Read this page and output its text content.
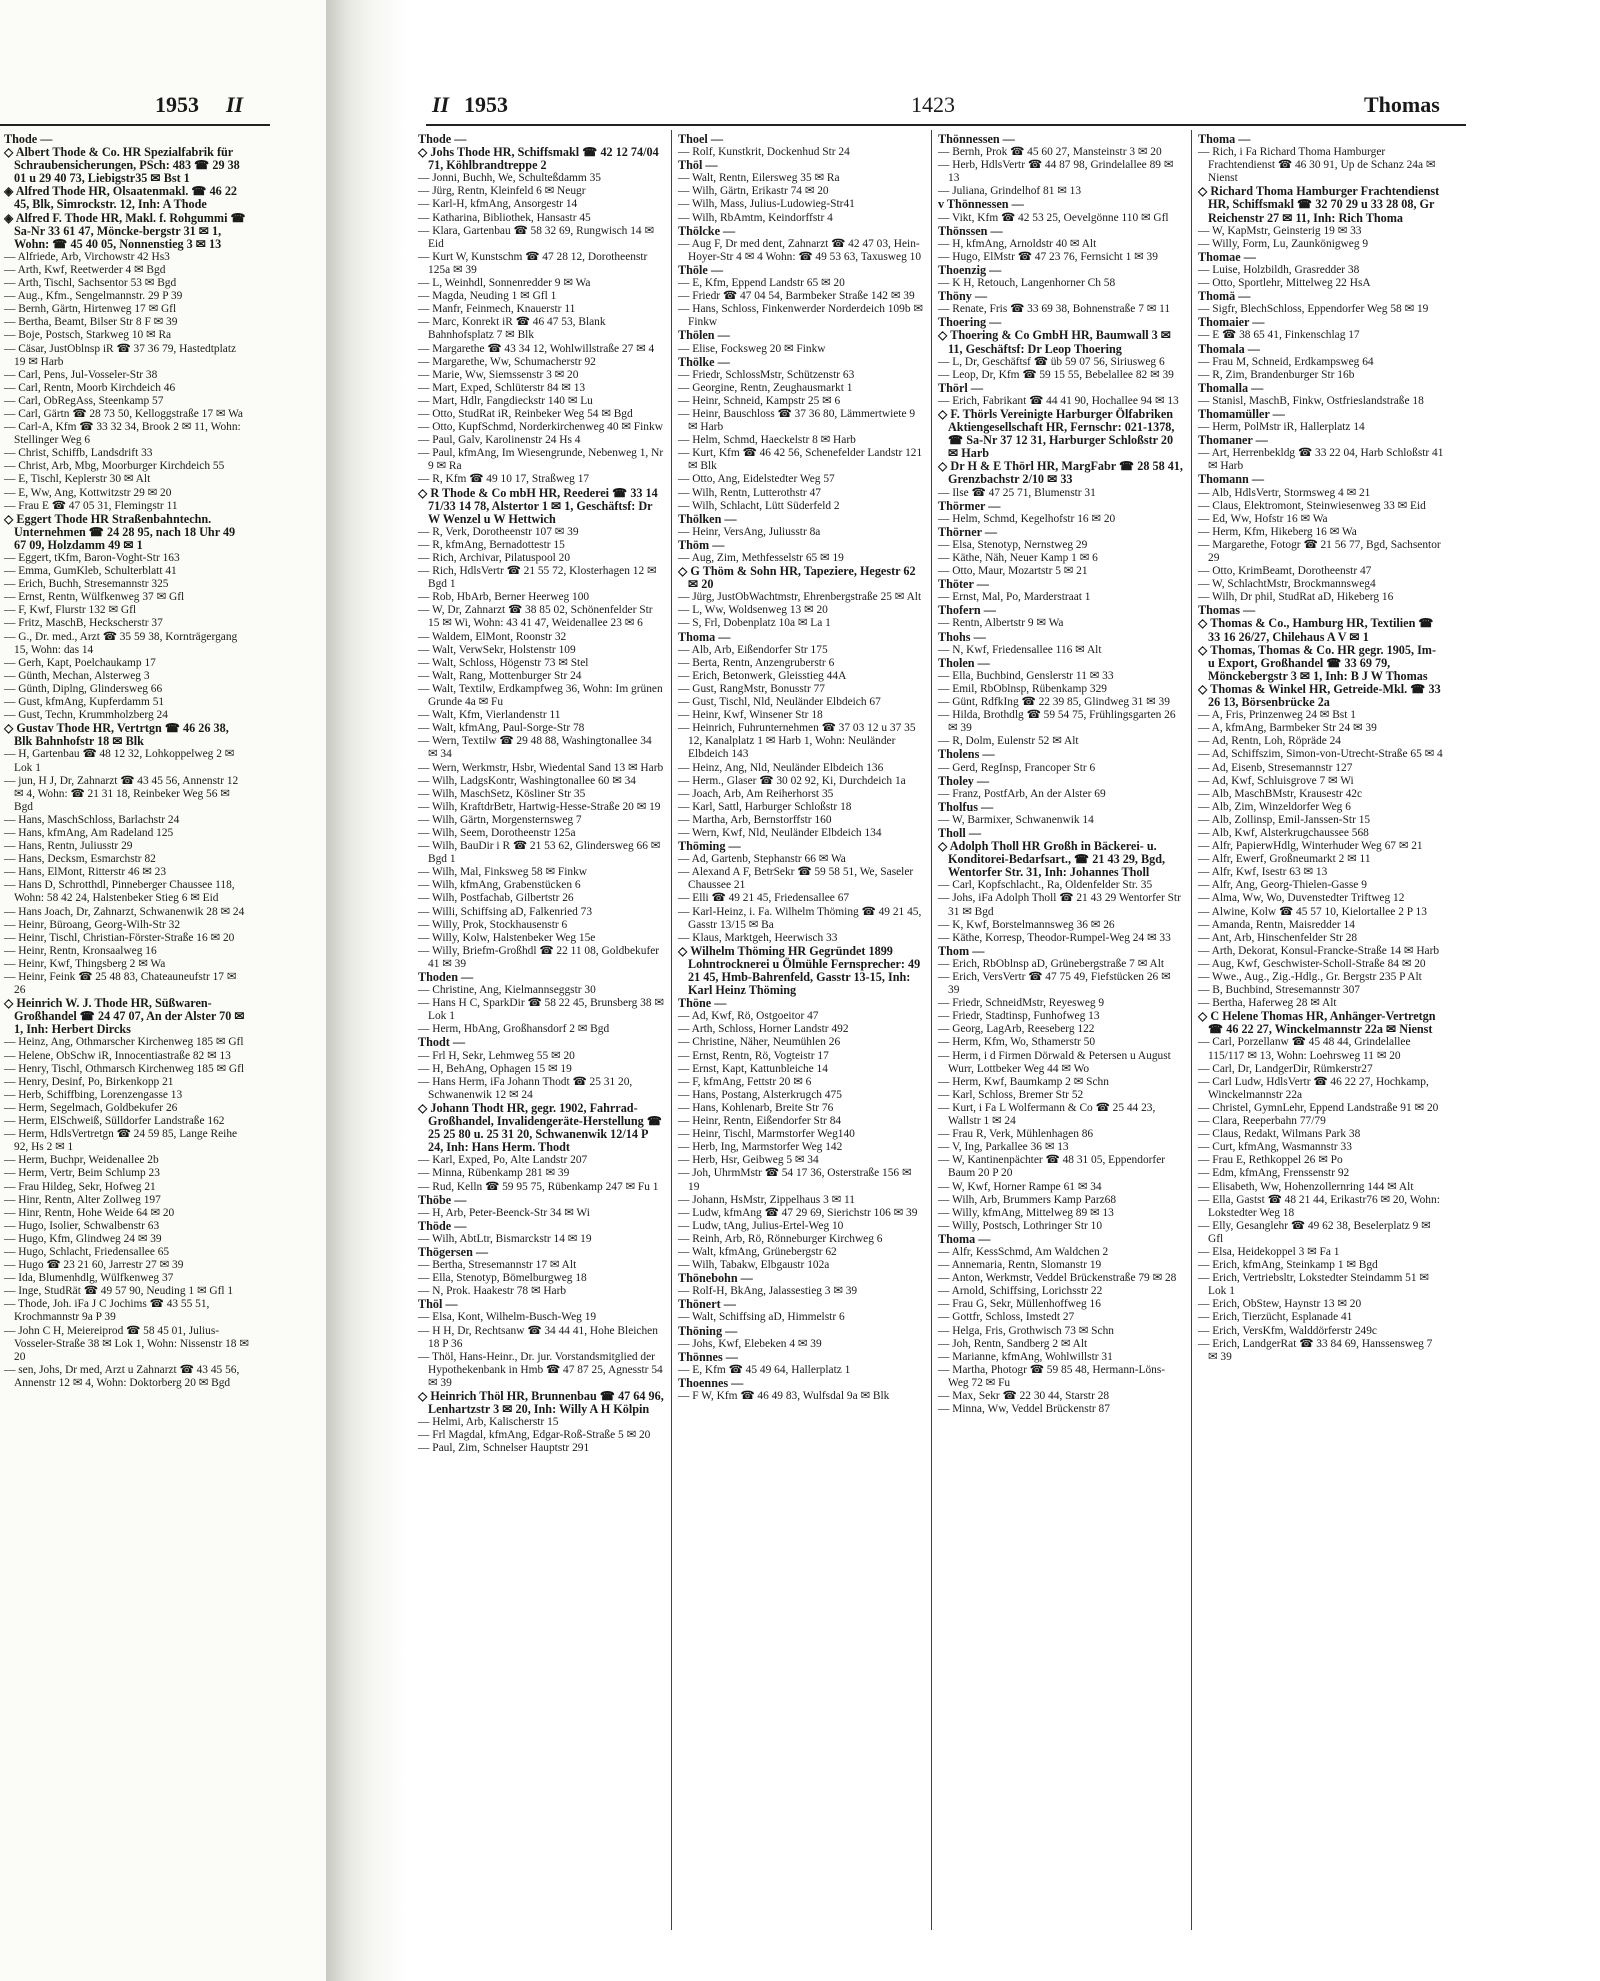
1953 II

Thode —

◇ Albert Thode & Co. HR Spezialfabrik für Schraubensicherungen, PSch: 483 ☎ 29 38 01 u 29 40 73, Liebigstr35 ✉ Bst 1

◈ Alfred Thode HR, Olsaatenmakl. ☎ 46 22 45, Blk, Simrockstr. 12, Inh: A Thode

◈ Alfred F. Thode HR, Makl. f. Rohgummi ☎ Sa-Nr 33 61 47, Möncke-bergstr 31 ✉ 1, Wohn: ☎ 45 40 05, Nonnenstieg 3 ✉ 13

— Alfriede, Arb, Virchowstr 42 Hs3

— Arth, Kwf, Reetwerder 4 ✉ Bgd

— Arth, Tischl, Sachsentor 53 ✉ Bgd

— Aug., Kfm., Sengelmannstr. 29 P 39

— Bernh, Gärtn, Hirtenweg 17 ✉ Gfl

— Bertha, Beamt, Bilser Str 8 F ✉ 39

— Boje, Postsch, Starkweg 10 ✉ Ra

— Cäsar, JustOblnsp iR ☎ 37 36 79, Hastedtplatz 19 ✉ Harb

— Carl, Pens, Jul-Vosseler-Str 38

— Carl, Rentn, Moorb Kirchdeich 46

— Carl, ObRegAss, Steenkamp 57

— Carl, Gärtn ☎ 28 73 50, Kelloggstraße 17 ✉ Wa

— Carl-A, Kfm ☎ 33 32 34, Brook 2 ✉ 11, Wohn: Stellinger Weg 6

— Christ, Schiffb, Landsdrift 33

— Christ, Arb, Mbg, Moorburger Kirchdeich 55

— E, Tischl, Keplerstr 30 ✉ Alt

— E, Ww, Ang, Kottwitzstr 29 ✉ 20

— Frau E ☎ 47 05 31, Flemingstr 11

◇ Eggert Thode HR Straßenbahntechn. Unternehmen ☎ 24 28 95, nach 18 Uhr 49 67 09, Holzdamm 49 ✉ 1

— Eggert, tKfm, Baron-Voght-Str 163

— Emma, GumKleb, Schulterblatt 41

— Erich, Buchh, Stresemannstr 325

— Ernst, Rentn, Wülfkenweg 37 ✉ Gfl

— F, Kwf, Flurstr 132 ✉ Gfl

— Fritz, MaschB, Heckscherstr 37

— G., Dr. med., Arzt ☎ 35 59 38, Kornträgergang 15, Wohn: das 14

— Gerh, Kapt, Poelchaukamp 17

— Günth, Mechan, Alsterweg 3

— Günth, Diplng, Glindersweg 66

— Gust, kfmAng, Kupferdamm 51

— Gust, Techn, Krummholzberg 24

◇ Gustav Thode HR, Vertrtgn ☎ 46 26 38, Blk Bahnhofstr 18 ✉ Blk

— H, Gartenbau ☎ 48 12 32, Lohkoppelweg 2 ✉ Lok 1

— jun, H J, Dr, Zahnarzt ☎ 43 45 56, Annenstr 12 ✉ 4, Wohn: ☎ 21 31 18, Reinbeker Weg 56 ✉ Bgd

— Hans, MaschSchloss, Barlachstr 24

— Hans, kfmAng, Am Radeland 125

— Hans, Rentn, Juliusstr 29

— Hans, Decksm, Esmarchstr 82

— Hans, ElMont, Ritterstr 46 ✉ 23

— Hans D, Schrotthdl, Pinneberger Chaussee 118, Wohn: 58 42 24, Halstenbeker Stieg 6 ✉ Eid

— Hans Joach, Dr, Zahnarzt, Schwanenwik 28 ✉ 24

— Heinr, Büroang, Georg-Wilh-Str 32

— Heinr, Tischl, Christian-Förster-Straße 16 ✉ 20

— Heinr, Rentn, Kronsaalweg 16

— Heinr, Kwf, Thingsberg 2 ✉ Wa

— Heinr, Feink ☎ 25 48 83, Chateauneufstr 17 ✉ 26

◇ Heinrich W. J. Thode HR, Süßwaren-Großhandel ☎ 24 47 07, An der Alster 70 ✉ 1, Inh: Herbert Dircks

— Heinz, Ang, Othmarscher Kirchenweg 185 ✉ Gfl

— Helene, ObSchw iR, Innocentiastraße 82 ✉ 13

— Henry, Tischl, Othmarsch Kirchenweg 185 ✉ Gfl

— Henry, Desinf, Po, Birkenkopp 21

— Herb, Schiffbing, Lorenzengasse 13

— Herm, Segelmach, Goldbekufer 26

— Herm, ElSchweiß, Sülldorfer Landstraße 162

— Herm, HdlsVertretgn ☎ 24 59 85, Lange Reihe 92, Hs 2 ✉ 1

— Herm, Buchpr, Weidenallee 2b

— Herm, Vertr, Beim Schlump 23

— Frau Hildeg, Sekr, Hofweg 21

— Hinr, Rentn, Alter Zollweg 197

— Hinr, Rentn, Hohe Weide 64 ✉ 20

— Hugo, Isolier, Schwalbenstr 63

— Hugo, Kfm, Glindweg 24 ✉ 39

— Hugo, Schlacht, Friedensallee 65

— Hugo ☎ 23 21 60, Jarrestr 27 ✉ 39

— Ida, Blumenhdlg, Wülfkenweg 37

— Inge, StudRät ☎ 49 57 90, Neuding 1 ✉ Gfl 1

— Thode, Joh. iFa J C Jochims ☎ 43 55 51, Krochmannstr 9a P 39

— John C H, Meiereiprod ☎ 58 45 01, Julius-Vosseler-Straße 38 ✉ Lok 1, Wohn: Nissenstr 18 ✉ 20

— sen, Johs, Dr med, Arzt u Zahnarzt ☎ 43 45 56, Annenstr 12 ✉ 4, Wohn: Doktorberg 20 ✉ Bgd

II 1953	1423	Thomas

Thode —

◇ Johs Thode HR, Schiffsmakl ☎ 42 12 74/04 71, Köhlbrandtreppe 2

— Jonni, Buchh, We, Schulteßdamm 35

— Jürg, Rentn, Kleinfeld 6 ✉ Neugr

— Karl-H, kfmAng, Ansorgestr 14

— Katharina, Bibliothek, Hansastr 45

— Klara, Gartenbau ☎ 58 32 69, Rungwisch 14 ✉ Eid

— Kurt W, Kunstschm ☎ 47 28 12, Dorotheenstr 125a ✉ 39

— L, Weinhdl, Sonnenredder 9 ✉ Wa

— Magda, Neuding 1 ✉ Gfl 1

— Manfr, Feinmech, Knauerstr 11

— Marc, Konrekt iR ☎ 46 47 53, Blank Bahnhofsplatz 7 ✉ Blk

— Margarethe ☎ 43 34 12, Wohlwillstraße 27 ✉ 4

— Margarethe, Ww, Schumacherstr 92

— Marie, Ww, Siemssenstr 3 ✉ 20

— Mart, Exped, Schlüterstr 84 ✉ 13

— Mart, Hdlr, Fangdieckstr 140 ✉ Lu

— Otto, StudRat iR, Reinbeker Weg 54 ✉ Bgd

— Otto, KupfSchmd, Norderkirchenweg 40 ✉ Finkw

— Paul, Galv, Karolinenstr 24 Hs 4

— Paul, kfmAng, Im Wiesengrunde, Nebenweg 1, Nr 9 ✉ Ra

— R, Kfm ☎ 49 10 17, Straßweg 17

◇ R Thode & Co mbH HR, Reederei ☎ 33 14 71/33 14 78, Alstertor 1 ✉ 1, Geschäftsf: Dr W Wenzel u W Hettwich

— R, Verk, Dorotheenstr 107 ✉ 39

— R, kfmAng, Bernadottestr 15

— Rich, Archivar, Pilatuspool 20

— Rich, HdlsVertr ☎ 21 55 72, Klosterhagen 12 ✉ Bgd 1

— Rob, HbArb, Berner Heerweg 100

— W, Dr, Zahnarzt ☎ 38 85 02, Schönenfelder Str 15 ✉ Wi, Wohn: 43 41 47, Weidenallee 23 ✉ 6

— Waldem, ElMont, Roonstr 32

— Walt, VerwSekr, Holstenstr 109

— Walt, Schloss, Högenstr 73 ✉ Stel

— Walt, Rang, Mottenburger Str 24

— Walt, Textilw, Erdkampfweg 36, Wohn: Im grünen Grunde 4a ✉ Fu

— Walt, Kfm, Vierlandenstr 11

— Walt, kfmAng, Paul-Sorge-Str 78

— Wern, Textilw ☎ 29 48 88, Washingtonallee 34 ✉ 34

— Wern, Werkmstr, Hsbr, Wiedental Sand 13 ✉ Harb

— Wilh, LadgsKontr, Washingtonallee 60 ✉ 34

— Wilh, MaschSetz, Kösliner Str 35

— Wilh, KraftdrBetr, Hartwig-Hesse-Straße 20 ✉ 19

— Wilh, Gärtn, Morgensternsweg 7

— Wilh, Seem, Dorotheenstr 125a

— Wilh, BauDir i R ☎ 21 53 62, Glindersweg 66 ✉ Bgd 1

— Wilh, Mal, Finksweg 58 ✉ Finkw

— Wilh, kfmAng, Grabenstücken 6

— Wilh, Postfachab, Gilbertstr 26

— Willi, Schiffsing aD, Falkenried 73

— Willy, Prok, Stockhausenstr 6

— Willy, Kolw, Halstenbeker Weg 15e

— Willy, Briefm-Großhdl ☎ 22 11 08, Goldbekufer 41 ✉ 39

Thoden —

— Christine, Ang, Kielmannseggstr 30

— Hans H C, SparkDir ☎ 58 22 45, Brunsberg 38 ✉ Lok 1

— Herm, HbAng, Großhansdorf 2 ✉ Bgd

Thodt —

— Frl H, Sekr, Lehmweg 55 ✉ 20

— H, BehAng, Ophagen 15 ✉ 19

— Hans Herm, iFa Johann Thodt ☎ 25 31 20, Schwanenwik 12 ✉ 24

◇ Johann Thodt HR, gegr. 1902, Fahrrad-Großhandel, Invalidengeräte-Herstellung ☎ 25 25 80 u. 25 31 20, Schwanenwik 12/14 P 24, Inh: Hans Herm. Thodt

— Karl, Exped, Po, Alte Landstr 207

— Minna, Rübenkamp 281 ✉ 39

— Rud, Kelln ☎ 59 95 75, Rübenkamp 247 ✉ Fu 1

Thöbe —

— H, Arb, Peter-Beenck-Str 34 ✉ Wi

Thöde —

— Wilh, AbtLtr, Bismarckstr 14 ✉ 19

Thögersen —

— Bertha, Stresemannstr 17 ✉ Alt

— Ella, Stenotyp, Bömelburgweg 18

— N, Prok. Haakestr 78 ✉ Harb

Thöl —

— Elsa, Kont, Wilhelm-Busch-Weg 19

— H H, Dr, Rechtsanw ☎ 34 44 41, Hohe Bleichen 18 P 36

— Thöl, Hans-Heinr., Dr. jur. Vorstandsmitglied der Hypothekenbank in Hmb ☎ 47 87 25, Agnesstr 54 ✉ 39

◇ Heinrich Thöl HR, Brunnenbau ☎ 47 64 96, Lenhartzstr 3 ✉ 20, Inh: Willy A H Kölpin

— Helmi, Arb, Kalischerstr 15

— Frl Magdal, kfmAng, Edgar-Roß-Straße 5 ✉ 20

— Paul, Zim, Schnelser Hauptstr 291

Thoel —

— Rolf, Kunstkrit, Dockenhud Str 24

Thöl —

— Walt, Rentn, Eilersweg 35 ✉ Ra

— Wilh, Gärtn, Erikastr 74 ✉ 20

— Wilh, Mass, Julius-Ludowieg-Str41

— Wilh, RbAmtm, Keindorffstr 4

Thölcke —

— Aug F, Dr med dent, Zahnarzt ☎ 42 47 03, Hein-Hoyer-Str 4 ✉ 4 Wohn: ☎ 49 53 63, Taxusweg 10

Thöle —

— E, Kfm, Eppend Landstr 65 ✉ 20

— Friedr ☎ 47 04 54, Barmbeker Straße 142 ✉ 39

— Hans, Schloss, Finkenwerder Norderdeich 109b ✉ Finkw

Thölen —

— Elise, Focksweg 20 ✉ Finkw

Thölke —

— Friedr, SchlossMstr, Schützenstr 63

— Georgine, Rentn, Zeughausmarkt 1

— Heinr, Schneid, Kampstr 25 ✉ 6

— Heinr, Bauschloss ☎ 37 36 80, Lämmertwiete 9 ✉ Harb

— Helm, Schmd, Haeckelstr 8 ✉ Harb

— Kurt, Kfm ☎ 46 42 56, Schenefelder Landstr 121 ✉ Blk

— Otto, Ang, Eidelstedter Weg 57

— Wilh, Rentn, Lutterothstr 47

— Wilh, Schlacht, Lütt Süderfeld 2

Thölken —

— Heinr, VersAng, Juliusstr 8a

Thöm —

— Aug, Zim, Methfesselstr 65 ✉ 19

◇ G Thöm & Sohn HR, Tapeziere, Hegestr 62 ✉ 20

— Jürg, JustObWachtmstr, Ehrenbergstraße 25 ✉ Alt

— L, Ww, Woldsenweg 13 ✉ 20

— S, Frl, Dobenplatz 10a ✉ La 1

Thoma —

— Alb, Arb, Eißendorfer Str 175

— Berta, Rentn, Anzengruberstr 6

— Erich, Betonwerk, Gleisstieg 44A

— Gust, RangMstr, Bonusstr 77

— Gust, Tischl, Nld, Neuländer Elbdeich 67

— Heinr, Kwf, Winsener Str 18

— Heinrich, Fuhrunternehmen ☎ 37 03 12 u 37 35 12, Kanalplatz 1 ✉ Harb 1, Wohn: Neuländer Elbdeich 143

— Heinz, Ang, Nld, Neuländer Elbdeich 136

— Herm., Glaser ☎ 30 02 92, Ki, Durchdeich 1a

— Joach, Arb, Am Reiherhorst 35

— Karl, Sattl, Harburger Schloßstr 18

— Martha, Arb, Bernstorffstr 160

— Wern, Kwf, Nld, Neuländer Elbdeich 134

Thöming —

— Ad, Gartenb, Stephanstr 66 ✉ Wa

— Alexand A F, BetrSekr ☎ 59 58 51, We, Saseler Chaussee 21

— Elli ☎ 49 21 45, Friedensallee 67

— Karl-Heinz, i. Fa. Wilhelm Thöming ☎ 49 21 45, Gasstr 13/15 ✉ Ba

— Klaus, Marktgeh, Heerwisch 33

◇ Wilhelm Thöming HR Gegründet 1899 Lohntrocknerei u Ölmühle Fernsprecher: 49 21 45, Hmb-Bahrenfeld, Gasstr 13-15, Inh: Karl Heinz Thöming

Thöne —

— Ad, Kwf, Rö, Ostgoeitor 47

— Arth, Schloss, Horner Landstr 492

— Christine, Näher, Neumühlen 26

— Ernst, Rentn, Rö, Vogteistr 17

— Ernst, Kapt, Kattunbleiche 14

— F, kfmAng, Fettstr 20 ✉ 6

— Hans, Postang, Alsterkrugch 475

— Hans, Kohlenarb, Breite Str 76

— Heinr, Rentn, Eißendorfer Str 84

— Heinr, Tischl, Marmstorfer Weg140

— Herb, Ing, Marmstorfer Weg 142

— Herb, Hsr, Geibweg 5 ✉ 34

— Joh, UhrmMstr ☎ 54 17 36, Osterstraße 156 ✉ 19

— Johann, HsMstr, Zippelhaus 3 ✉ 11

— Ludw, kfmAng ☎ 47 29 69, Sierichstr 106 ✉ 39

— Ludw, tAng, Julius-Ertel-Weg 10

— Reinh, Arb, Rö, Rönneburger Kirchweg 6

— Walt, kfmAng, Grünebergstr 62

— Wilh, Tabakw, Elbgaustr 102a

Thönebohn —

— Rolf-H, BkAng, Jalassestieg 3 ✉ 39

Thönert —

— Walt, Schiffsing aD, Himmelstr 6

Thöning —

— Johs, Kwf, Elebeken 4 ✉ 39

Thönnes —

— E, Kfm ☎ 45 49 64, Hallerplatz 1

Thoennes —

— F W, Kfm ☎ 46 49 83, Wulfsdal 9a ✉ Blk

Thönnessen —

— Bernh, Prok ☎ 45 60 27, Mansteinstr 3 ✉ 20

— Herb, HdlsVertr ☎ 44 87 98, Grindelallee 89 ✉ 13

— Juliana, Grindelhof 81 ✉ 13

v Thönnessen —

— Vikt, Kfm ☎ 42 53 25, Oevelgönne 110 ✉ Gfl

Thönssen —

— H, kfmAng, Arnoldstr 40 ✉ Alt

— Hugo, ElMstr ☎ 47 23 76, Fernsicht 1 ✉ 39

Thoenzig —

— K H, Retouch, Langenhorner Ch 58

Thöny —

— Renate, Fris ☎ 33 69 38, Bohnenstraße 7 ✉ 11

Thoering —

◇ Thoering & Co GmbH HR, Baumwall 3 ✉ 11, Geschäftsf: Dr Leop Thoering

— L, Dr, Geschäftsf ☎ üb 59 07 56, Siriusweg 6

— Leop, Dr, Kfm ☎ 59 15 55, Bebelallee 82 ✉ 39

Thörl —

— Erich, Fabrikant ☎ 44 41 90, Hochallee 94 ✉ 13

◇ F. Thörls Vereinigte Harburger Ölfabriken Aktiengesellschaft HR, Fernschr: 021-1378, ☎ Sa-Nr 37 12 31, Harburger Schloßstr 20 ✉ Harb

◇ Dr H & E Thörl HR, MargFabr ☎ 28 58 41, Grenzbachstr 2/10 ✉ 33

— Ilse ☎ 47 25 71, Blumenstr 31

Thörmer —

— Helm, Schmd, Kegelhofstr 16 ✉ 20

Thörner —

— Elsa, Stenotyp, Nernstweg 29

— Käthe, Näh, Neuer Kamp 1 ✉ 6

— Otto, Maur, Mozartstr 5 ✉ 21

Thöter —

— Ernst, Mal, Po, Marderstraat 1

Thofern —

— Rentn, Albertstr 9 ✉ Wa

Thohs —

— N, Kwf, Friedensallee 116 ✉ Alt

Tholen —

— Ella, Buchbind, Genslerstr 11 ✉ 33

— Emil, RbOblnsp, Rübenkamp 329

— Günt, RdfkIng ☎ 22 39 85, Glindweg 31 ✉ 39

— Hilda, Brothdlg ☎ 59 54 75, Frühlingsgarten 26 ✉ 39

— R, Dolm, Eulenstr 52 ✉ Alt

Tholens —

— Gerd, RegInsp, Francoper Str 6

Tholey —

— Franz, PostfArb, An der Alster 69

Tholfus —

— W, Barmixer, Schwanenwik 14

Tholl —

◇ Adolph Tholl HR Großh in Bäckerei- u. Konditorei-Bedarfsart., ☎ 21 43 29, Bgd, Wentorfer Str. 31, Inh: Johannes Tholl

— Carl, Kopfschlacht., Ra, Oldenfelder Str. 35

— Johs, iFa Adolph Tholl ☎ 21 43 29 Wentorfer Str 31 ✉ Bgd

— K, Kwf, Borstelmannsweg 36 ✉ 26

— Käthe, Korresp, Theodor-Rumpel-Weg 24 ✉ 33

Thom —

— Erich, RbOblnsp aD, Grünebergstraße 7 ✉ Alt

— Erich, VersVertr ☎ 47 75 49, Fiefstücken 26 ✉ 39

— Friedr, SchneidMstr, Reyesweg 9

— Friedr, Stadtinsp, Funhofweg 13

— Georg, LagArb, Reeseberg 122

— Herm, Kfm, Wo, Sthamerstr 50

— Herm, i d Firmen Dörwald & Petersen u August Wurr, Lottbeker Weg 44 ✉ Wo

— Herm, Kwf, Baumkamp 2 ✉ Schn

— Karl, Schloss, Bremer Str 52

— Kurt, i Fa L Wolfermann & Co ☎ 25 44 23, Wallstr 1 ✉ 24

— Frau R, Verk, Mühlenhagen 86

— V, Ing, Parkallee 36 ✉ 13

— W, Kantinenpächter ☎ 48 31 05, Eppendorfer Baum 20 P 20

— W, Kwf, Horner Rampe 61 ✉ 34

— Wilh, Arb, Brummers Kamp Parz68

— Willy, kfmAng, Mittelweg 89 ✉ 13

— Willy, Postsch, Lothringer Str 10

Thoma —

— Alfr, KessSchmd, Am Waldchen 2

— Annemaria, Rentn, Slomanstr 19

— Anton, Werkmstr, Veddel Brückenstraße 79 ✉ 28

— Arnold, Schiffsing, Lorichsstr 22

— Frau G, Sekr, Müllenhoffweg 16

— Gottfr, Schloss, Imstedt 27

— Helga, Fris, Grothwisch 73 ✉ Schn

— Joh, Rentn, Sandberg 2 ✉ Alt

— Marianne, kfmAng, Wohlwillstr 31

— Martha, Photogr ☎ 59 85 48, Hermann-Löns-Weg 72 ✉ Fu

— Max, Sekr ☎ 22 30 44, Starstr 28

— Minna, Ww, Veddel Brückenstr 87

Thoma —

— Rich, i Fa Richard Thoma Hamburger Frachtendienst ☎ 46 30 91, Up de Schanz 24a ✉ Nienst

◇ Richard Thoma Hamburger Frachtendienst HR, Schiffsmakl ☎ 32 70 29 u 33 28 08, Gr Reichenstr 27 ✉ 11, Inh: Rich Thoma

— W, KapMstr, Geinsterig 19 ✉ 33

— Willy, Form, Lu, Zaunkönigweg 9

Thomae —

— Luise, Holzbildh, Grasredder 38

— Otto, Sportlehr, Mittelweg 22 HsA

Thomä —

— Sigfr, BlechSchloss, Eppendorfer Weg 58 ✉ 19

Thomaier —

— E ☎ 38 65 41, Finkenschlag 17

Thomala —

— Frau M, Schneid, Erdkampsweg 64

— R, Zim, Brandenburger Str 16b

Thomalla —

— Stanisl, MaschB, Finkw, Ostfrieslandstraße 18

Thomamüller —

— Herm, PolMstr iR, Hallerplatz 14

Thomaner —

— Art, Herrenbekldg ☎ 33 22 04, Harb Schloßstr 41 ✉ Harb

Thomann —

— Alb, HdlsVertr, Stormsweg 4 ✉ 21

— Claus, Elektromont, Steinwiesenweg 33 ✉ Eid

— Ed, Ww, Hofstr 16 ✉ Wa

— Herm, Kfm, Hikeberg 16 ✉ Wa

— Margarethe, Fotogr ☎ 21 56 77, Bgd, Sachsentor 29

— Otto, KrimBeamt, Dorotheenstr 47

— W, SchlachtMstr, Brockmannsweg4

— Wilh, Dr phil, StudRat aD, Hikeberg 16

Thomas —

◇ Thomas & Co., Hamburg HR, Textilien ☎ 33 16 26/27, Chilehaus A V ✉ 1

◇ Thomas, Thomas & Co. HR gegr. 1905, Im- u Export, Großhandel ☎ 33 69 79, Mönckebergstr 3 ✉ 1, Inh: B J W Thomas

◇ Thomas & Winkel HR, Getreide-Mkl. ☎ 33 26 13, Börsenbrücke 2a

— A, Fris, Prinzenweg 24 ✉ Bst 1

— A, kfmAng, Barmbeker Str 24 ✉ 39

— Ad, Rentn, Loh, Röpräde 24

— Ad, Schiffszim, Simon-von-Utrecht-Straße 65 ✉ 4

— Ad, Eisenb, Stresemannstr 127

— Ad, Kwf, Schluisgrove 7 ✉ Wi

— Alb, MaschBMstr, Krausestr 42c

— Alb, Zim, Winzeldorfer Weg 6

— Alb, Zollinsp, Emil-Janssen-Str 15

— Alb, Kwf, Alsterkrugchaussee 568

— Alfr, PapierwHdlg, Winterhuder Weg 67 ✉ 21

— Alfr, Ewerf, Großneumarkt 2 ✉ 11

— Alfr, Kwf, Isestr 63 ✉ 13

— Alfr, Ang, Georg-Thielen-Gasse 9

— Alma, Ww, Wo, Duvenstedter Triftweg 12

— Alwine, Kolw ☎ 45 57 10, Kielortallee 2 P 13

— Amanda, Rentn, Maisredder 14

— Ant, Arb, Hinschenfelder Str 28

— Arth, Dekorat, Konsul-Francke-Straße 14 ✉ Harb

— Aug, Kwf, Geschwister-Scholl-Straße 84 ✉ 20

— Wwe., Aug., Zig.-Hdlg., Gr. Bergstr 235 P Alt

— B, Buchbind, Stresemannstr 307

— Bertha, Haferweg 28 ✉ Alt

◇ C Helene Thomas HR, Anhänger-Vertretgn ☎ 46 22 27, Winckelmannstr 22a ✉ Nienst

— Carl, Porzellanw ☎ 45 48 44, Grindelallee 115/117 ✉ 13, Wohn: Loehrsweg 11 ✉ 20

— Carl, Dr, LandgerDir, Rümkerstr27

— Carl Ludw, HdlsVertr ☎ 46 22 27, Hochkamp, Winckelmannstr 22a

— Christel, GymnLehr, Eppend Landstraße 91 ✉ 20

— Clara, Reeperbahn 77/79

— Claus, Redakt, Wilmans Park 38

— Curt, kfmAng, Wasmannstr 33

— Frau E, Rethkoppel 26 ✉ Po

— Edm, kfmAng, Frenssenstr 92

— Elisabeth, Ww, Hohenzollernring 144 ✉ Alt

— Ella, Gastst ☎ 48 21 44, Erikastr76 ✉ 20, Wohn: Lokstedter Weg 18

— Elly, Gesanglehr ☎ 49 62 38, Beselerplatz 9 ✉ Gfl

— Elsa, Heidekoppel 3 ✉ Fa 1

— Erich, kfmAng, Steinkamp 1 ✉ Bgd

— Erich, Vertriebsltr, Lokstedter Steindamm 51 ✉ Lok 1

— Erich, ObStew, Haynstr 13 ✉ 20

— Erich, Tierzücht, Esplanade 41

— Erich, VersKfm, Walddörferstr 249c

— Erich, LandgerRat ☎ 33 84 69, Hanssensweg 7 ✉ 39
